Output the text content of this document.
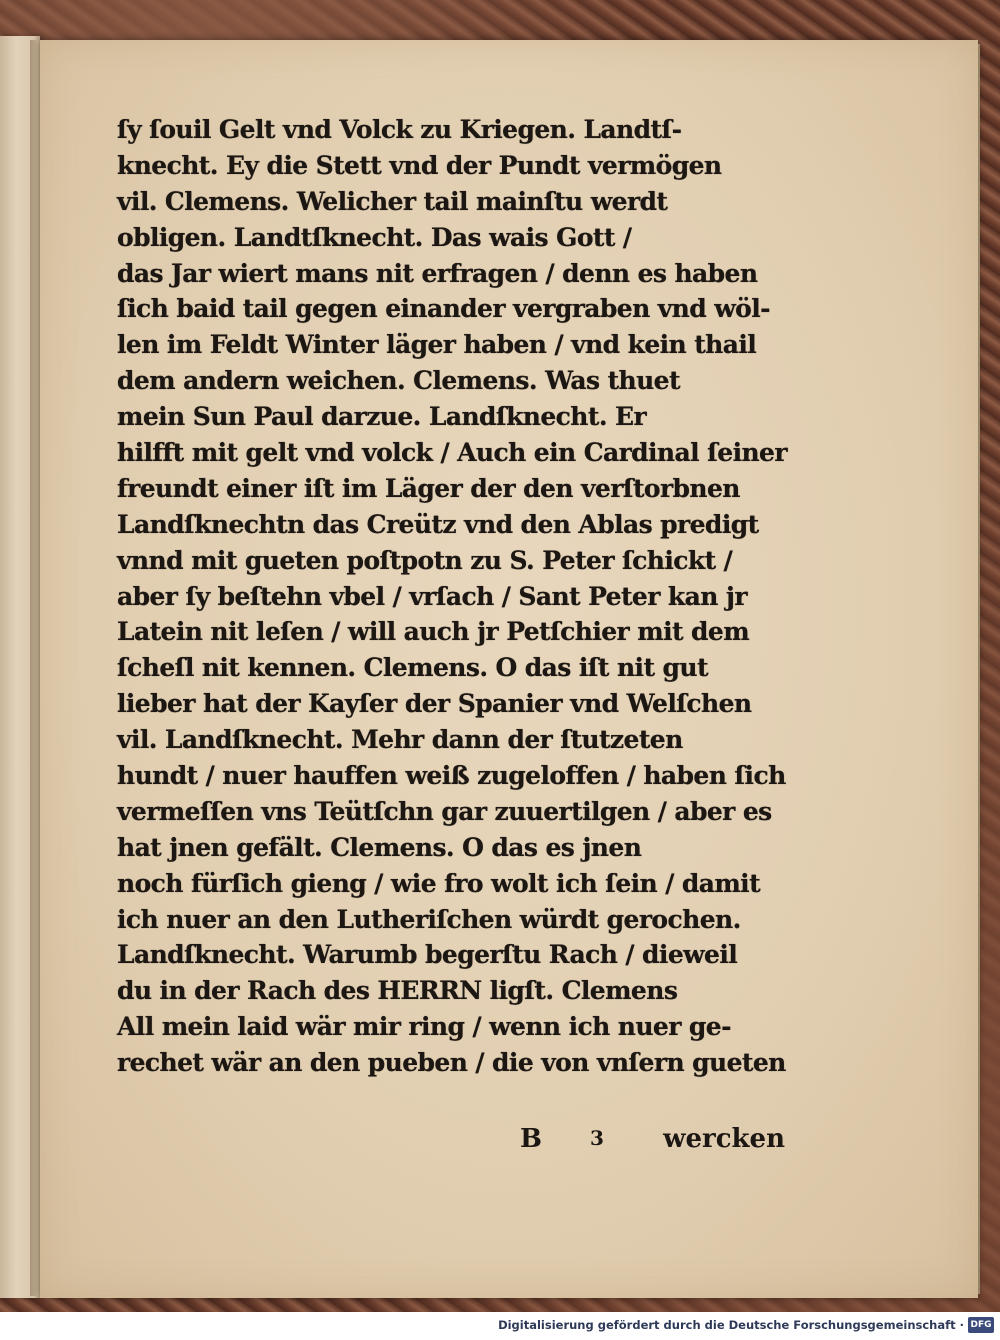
ſy ſouil Gelt vnd Volck zu Kriegen. Landtſ-
knecht. Ey die Stett vnd der Pundt vermögen
vil. Clemens. Welicher tail mainſtu werdt
obligen. Landtſknecht. Das wais Gott /
das Jar wiert mans nit erfragen / denn es haben
ſich baid tail gegen einander vergraben vnd wöl-
len im Feldt Winter läger haben / vnd kein thail
dem andern weichen. Clemens. Was thuet
mein Sun Paul darzue. Landſknecht. Er
hilfft mit gelt vnd volck / Auch ein Cardinal ſeiner
freundt einer iſt im Läger der den verſtorbnen
Landſknechtn das Creütz vnd den Ablas predigt
vnnd mit gueten poſtpotn zu S. Peter ſchickt /
aber ſy beſtehn vbel / vrſach / Sant Peter kan jr
Latein nit leſen / will auch jr Petſchier mit dem
ſcheſl nit kennen. Clemens. O das iſt nit gut
lieber hat der Kayſer der Spanier vnd Welſchen
vil. Landſknecht. Mehr dann der ſtutzeten
hundt / nuer hauffen weiß zugeloffen / haben ſich
vermeſſen vns Teütſchn gar zuuertilgen / aber es
hat jnen gefält. Clemens. O das es jnen
noch fürſich gieng / wie fro wolt ich ſein / damit
ich nuer an den Lutheriſchen würdt gerochen.
Landſknecht. Warumb begerſtu Rach / dieweil
du in der Rach des HERRN ligſt. Clemens
All mein laid wär mir ring / wenn ich nuer ge-
rechet wär an den pueben / die von vnſern gueten
B 3 wercken
Digitalisierung gefördert durch die Deutsche Forschungsgemeinschaft · DFG
